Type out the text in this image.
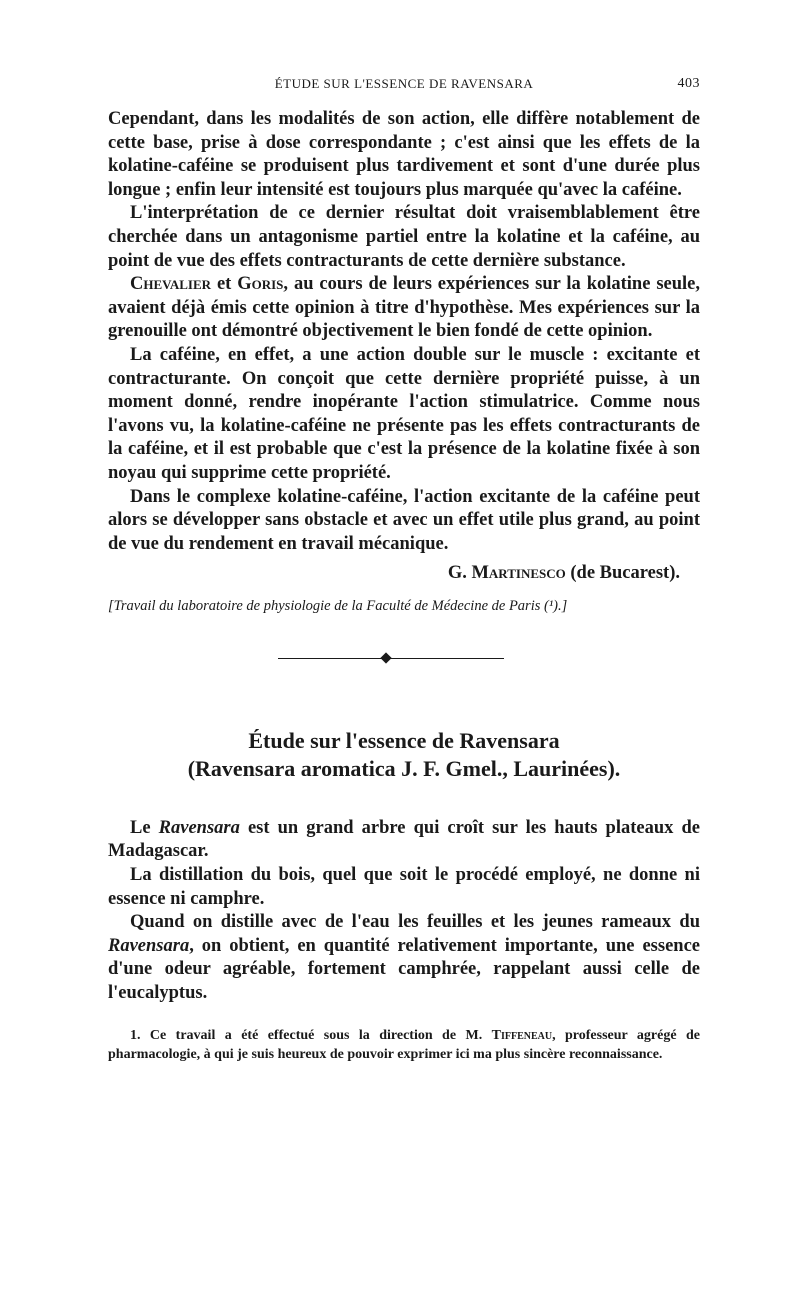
ÉTUDE SUR L'ESSENCE DE RAVENSARA	403

Cependant, dans les modalités de son action, elle diffère notablement de cette base, prise à dose correspondante ; c'est ainsi que les effets de la kolatine-caféine se produisent plus tardivement et sont d'une durée plus longue ; enfin leur intensité est toujours plus marquée qu'avec la caféine.

L'interprétation de ce dernier résultat doit vraisemblablement être cherchée dans un antagonisme partiel entre la kolatine et la caféine, au point de vue des effets contracturants de cette dernière substance.

Chevalier et Goris, au cours de leurs expériences sur la kolatine seule, avaient déjà émis cette opinion à titre d'hypothèse. Mes expériences sur la grenouille ont démontré objectivement le bien fondé de cette opinion.

La caféine, en effet, a une action double sur le muscle : excitante et contracturante. On conçoit que cette dernière propriété puisse, à un moment donné, rendre inopérante l'action stimulatrice. Comme nous l'avons vu, la kolatine-caféine ne présente pas les effets contracturants de la caféine, et il est probable que c'est la présence de la kolatine fixée à son noyau qui supprime cette propriété.

Dans le complexe kolatine-caféine, l'action excitante de la caféine peut alors se développer sans obstacle et avec un effet utile plus grand, au point de vue du rendement en travail mécanique.

G. Martinesco (de Bucarest).
[Travail du laboratoire de physiologie de la Faculté de Médecine de Paris (¹).]
Étude sur l'essence de Ravensara
(Ravensara aromatica J. F. Gmel., Laurinées).

Le Ravensara est un grand arbre qui croît sur les hauts plateaux de Madagascar.

La distillation du bois, quel que soit le procédé employé, ne donne ni essence ni camphre.

Quand on distille avec de l'eau les feuilles et les jeunes rameaux du Ravensara, on obtient, en quantité relativement importante, une essence d'une odeur agréable, fortement camphrée, rappelant aussi celle de l'eucalyptus.

1. Ce travail a été effectué sous la direction de M. Tiffeneau, professeur agrégé de pharmacologie, à qui je suis heureux de pouvoir exprimer ici ma plus sincère reconnaissance.
